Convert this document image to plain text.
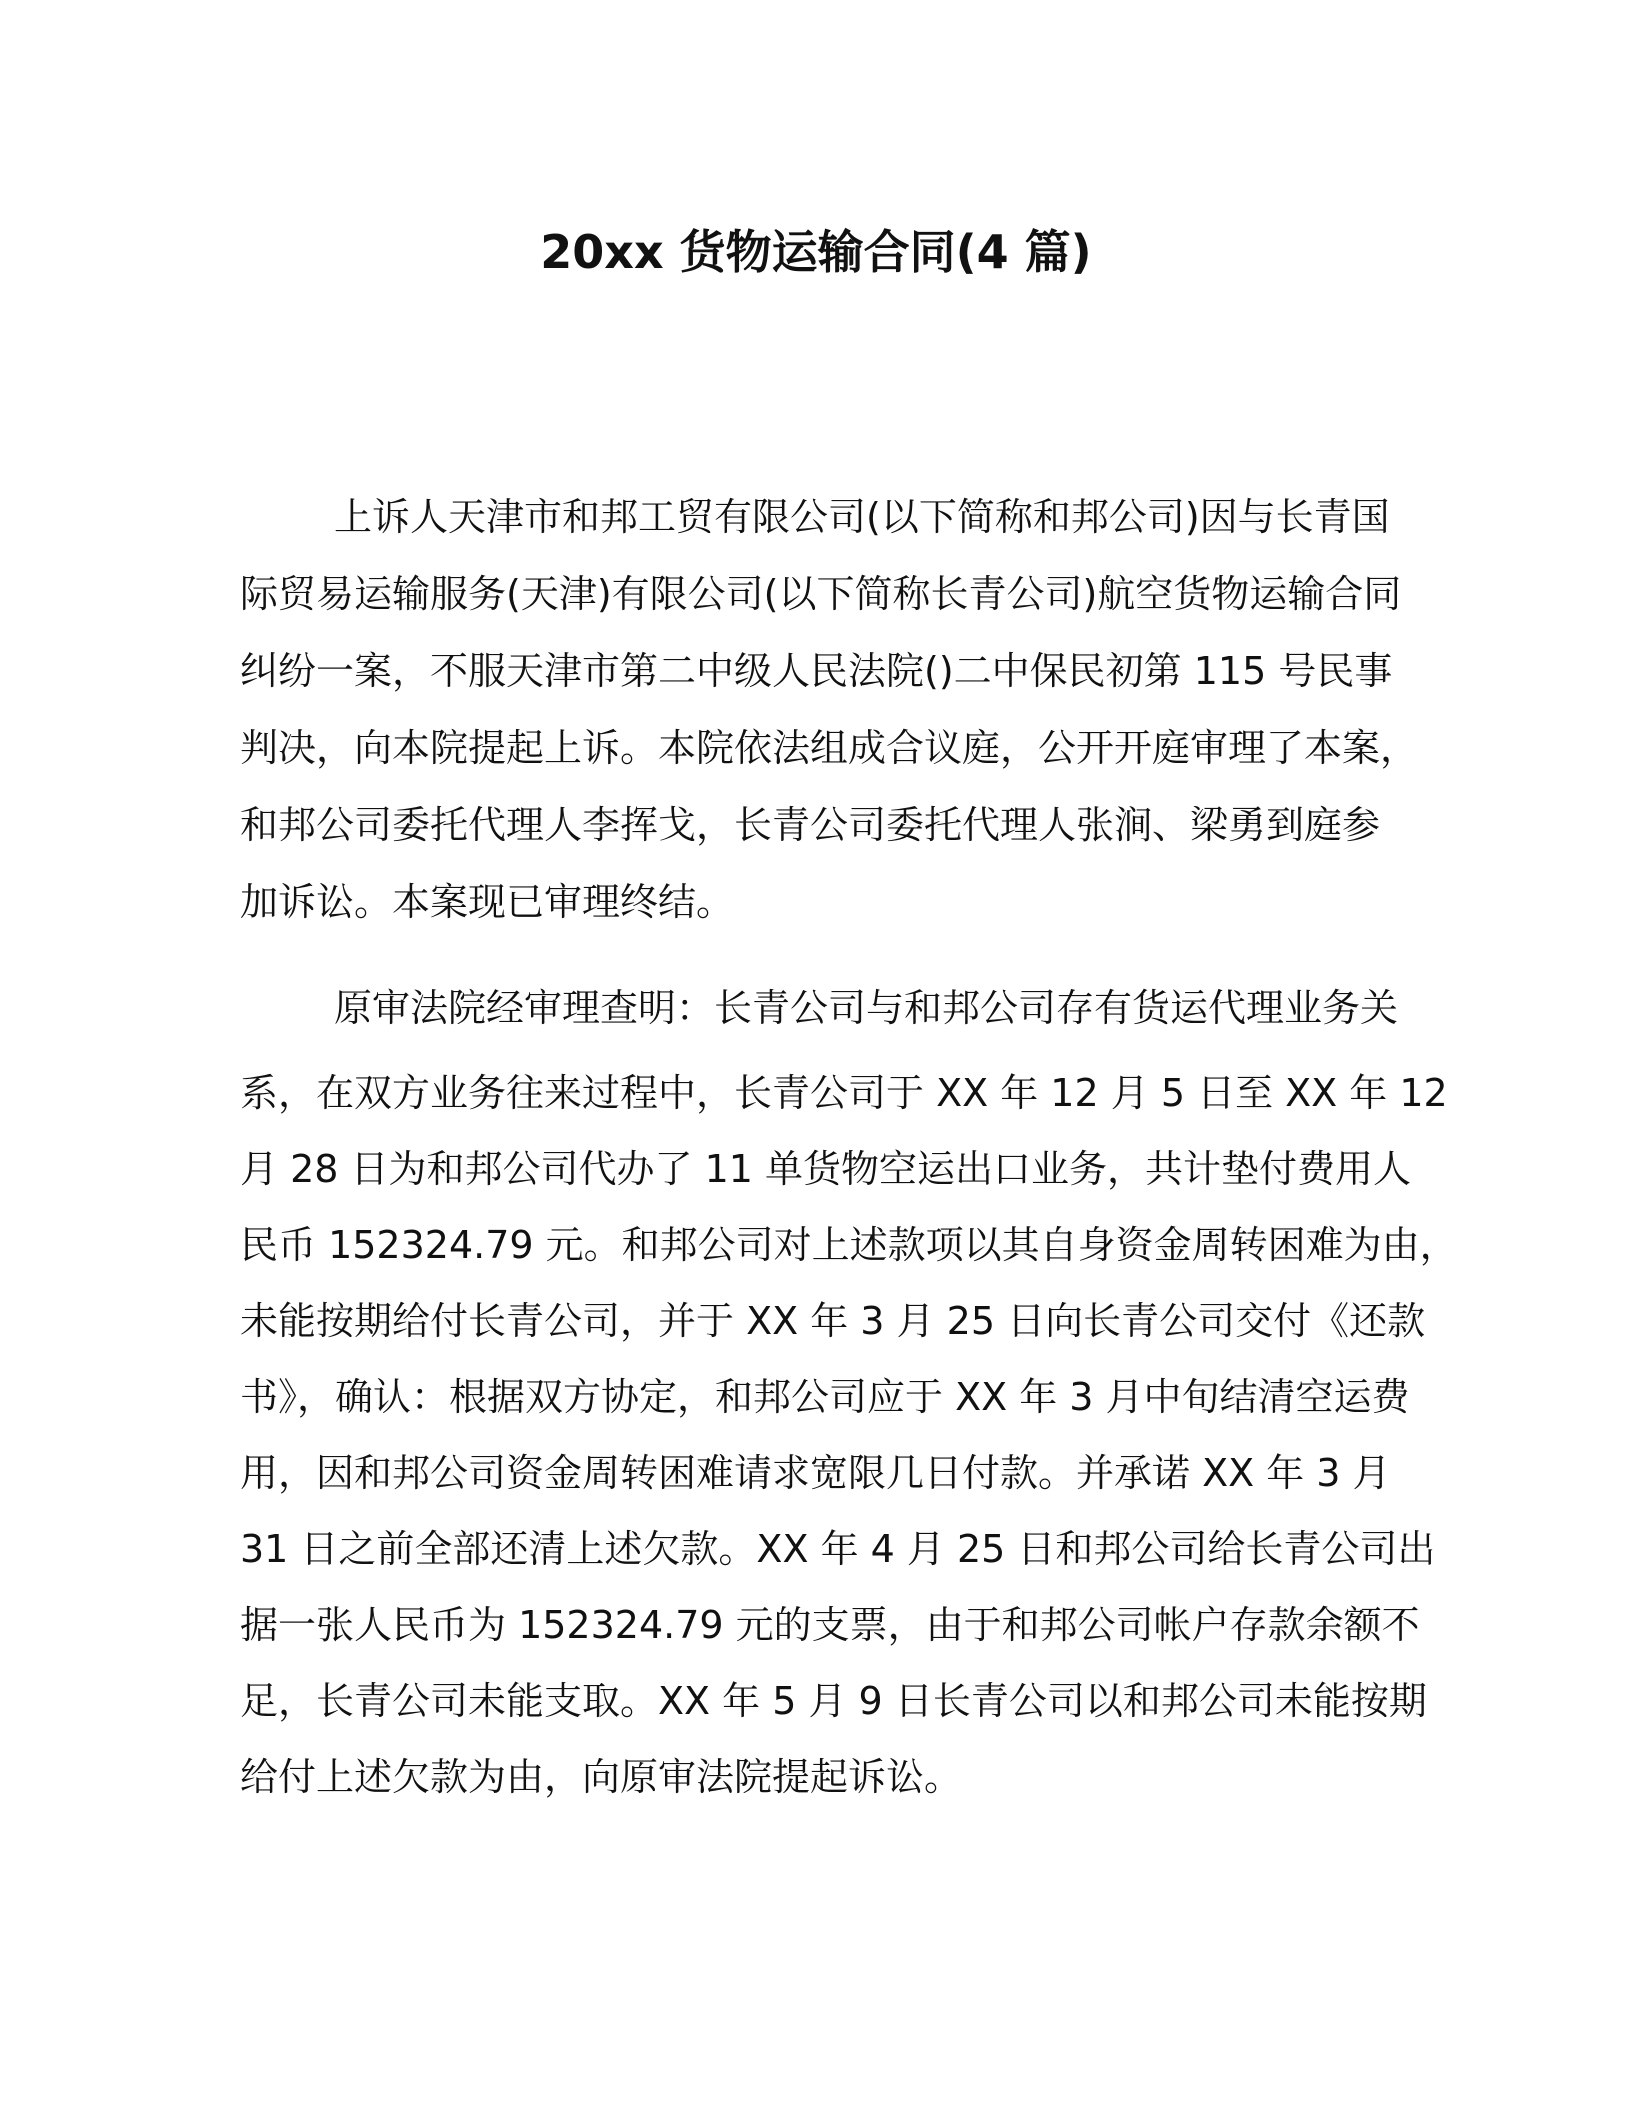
20xx 货物运输合同(4 篇)

上诉人天津市和邦工贸有限公司(以下简称和邦公司)因与长青国

际贸易运输服务(天津)有限公司(以下简称长青公司)航空货物运输合同

纠纷一案，不服天津市第二中级人民法院()二中保民初第 115 号民事

判决，向本院提起上诉。本院依法组成合议庭，公开开庭审理了本案，

和邦公司委托代理人李挥戈，长青公司委托代理人张涧、梁勇到庭参

加诉讼。本案现已审理终结。

原审法院经审理查明：长青公司与和邦公司存有货运代理业务关

系，在双方业务往来过程中，长青公司于 XX 年 12 月 5 日至 XX 年 12

月 28 日为和邦公司代办了 11 单货物空运出口业务，共计垫付费用人

民币 152324.79 元。和邦公司对上述款项以其自身资金周转困难为由，

未能按期给付长青公司，并于 XX 年 3 月 25 日向长青公司交付《还款

书》，确认：根据双方协定，和邦公司应于 XX 年 3 月中旬结清空运费

用，因和邦公司资金周转困难请求宽限几日付款。并承诺 XX 年 3 月

31 日之前全部还清上述欠款。XX 年 4 月 25 日和邦公司给长青公司出

据一张人民币为 152324.79 元的支票，由于和邦公司帐户存款余额不

足，长青公司未能支取。XX 年 5 月 9 日长青公司以和邦公司未能按期

给付上述欠款为由，向原审法院提起诉讼。
